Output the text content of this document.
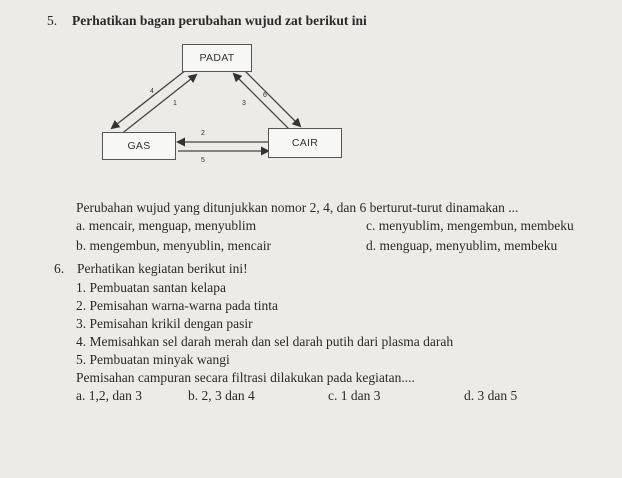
5. Perhatikan bagan perubahan wujud zat berikut ini
PADAT
GAS	CAIR
4
1	3
6
2
5
Perubahan wujud yang ditunjukkan nomor 2, 4, dan 6 berturut-turut dinamakan ...
a. mencair, menguap, menyublim	c. menyublim, mengembun, membeku
b. mengembun, menyublin, mencair	d. menguap, menyublim, membeku
6. Perhatikan kegiatan berikut ini!
1. Pembuatan santan kelapa
2. Pemisahan warna-warna pada tinta
3. Pemisahan krikil dengan pasir
4. Memisahkan sel darah merah dan sel darah putih dari plasma darah
5. Pembuatan minyak wangi
Pemisahan campuran secara filtrasi dilakukan pada kegiatan....
a. 1,2, dan 3	b. 2, 3 dan 4	c. 1 dan 3	d. 3 dan 5
